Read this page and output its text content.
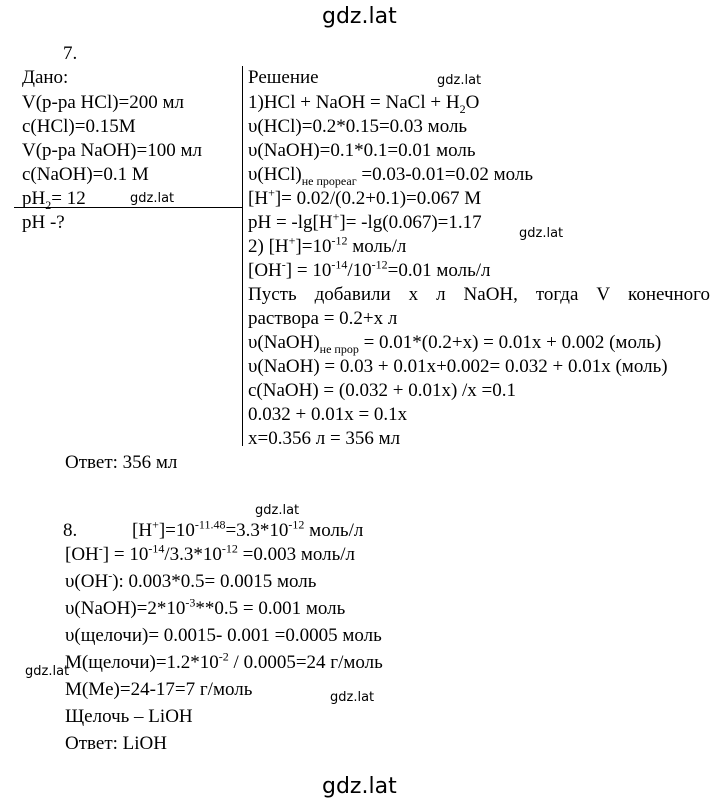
gdz.lat
gdz.lat
gdz.lat
gdz.lat
gdz.lat
gdz.lat
gdz.lat
gdz.lat
7.
Дано:
V(р-ра HCl)=200 мл
c(HCl)=0.15M
V(р-ра NaOH)=100 мл
c(NaOH)=0.1 M
$pH_2= 12$
pH -?
Решение
1)HCl + NaOH = NaCl + $H_2O$
υ(HCl)=0.2*0.15=0.03 моль
υ(NaOH)=0.1*0.1=0.01 моль
$\upsilon(HCl)_{не прореаг} =0.03-0.01=0.02$ моль
[H+]= 0.02/(0.2+0.1)=0.067 M
pH = -lg[H+]= -lg(0.067)=1.17
2) $[H^+]=10^{-12}$ моль/л
$[OH^-] = 10^{-14}/10^{-12}=0.01$ моль/л
Пусть добавили x л NaOH, тогда V конечного
раствора = 0.2+x л
$\upsilon(NaOH)_{не прор} = 0.01*(0.2+x) = 0.01x + 0.002$ (моль)
υ(NaOH) = 0.03 + 0.01x+0.002= 0.032 + 0.01x (моль)
c(NaOH) = (0.032 + 0.01x) /x =0.1
0.032 + 0.01x = 0.1x
x=0.356 л = 356 мл
Ответ: 356 мл
8.	$[H^+]=10^{-11.48}=3.3*10^{-12}$ моль/л
$[OH^-] = 10^{-14}/3.3*10^{-12} =0.003$ моль/л
υ(OH-): 0.003*0.5= 0.0015 моль
$\upsilon(NaOH)=2*10^{-3}**0.5 = 0.001$ моль
υ(щелочи)= 0.0015- 0.001 =0.0005 моль
$M(щелочи)=1.2*10^{-2} / 0.0005=24$ г/моль
M(Me)=24-17=7 г/моль
Щелочь – LiOH
Ответ: LiOH
